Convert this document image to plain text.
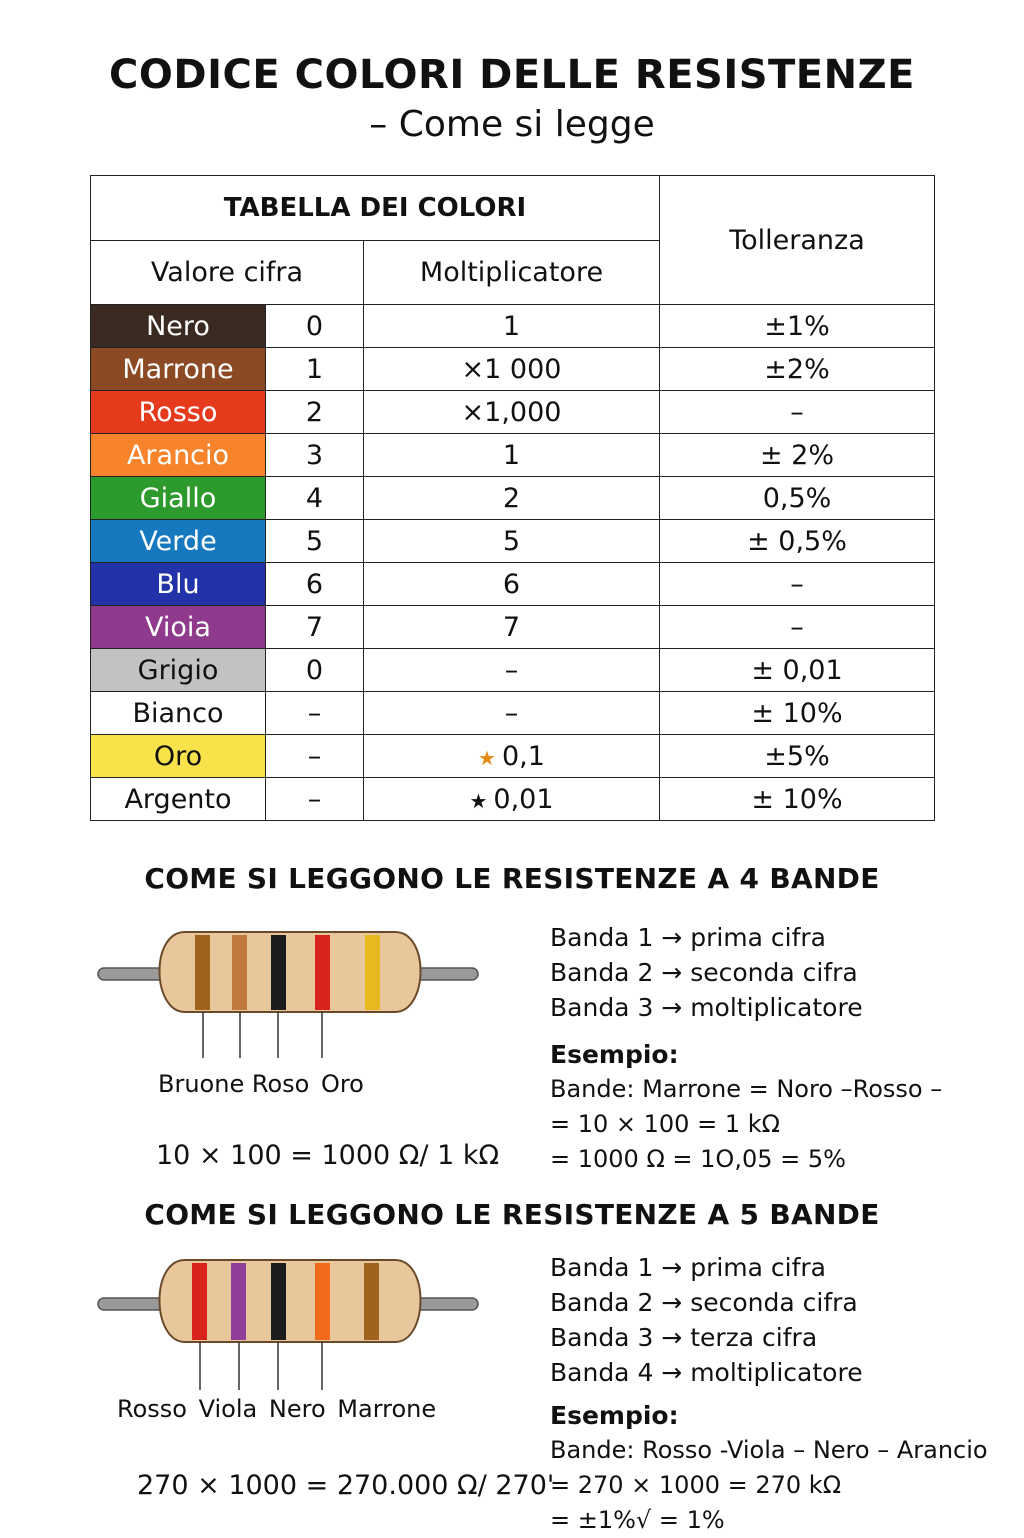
CODICE COLORI DELLE RESISTENZE
– Come si legge
TABELLA DEI COLORI			Tolleranza
Valore cifra		Moltiplicatore	
Nero	0	1	±1%
Marrone	1	×1 000	±2%
Rosso	2	×1,000	–
Arancio	3	1	± 2%
Giallo	4	2	0,5%
Verde	5	5	± 0,5%
Blu	6	6	–
Vioia	7	7	–
Grigio	0	–	± 0,01
Bianco	–	–	± 10%
Oro	–	★ 0,1	±5%
Argento	–	★ 0,01	± 10%
COME SI LEGGONO LE RESISTENZE A 4 BANDE
Bruone Roso Oro
10 × 100 = 1000 Ω/ 1 kΩ
Banda 1 → prima cifra
Banda 2 → seconda cifra
Banda 3 → moltiplicatore
Esempio:
Bande: Marrone = Noro –Rosso –
= 10 × 100 = 1 kΩ
= 1000 Ω = 1O,05 = 5%
COME SI LEGGONO LE RESISTENZE A 5 BANDE
Rosso Viola Nero Marrone
270 × 1000 = 270.000 Ω/ 270'
Banda 1 → prima cifra
Banda 2 → seconda cifra
Banda 3 → terza cifra
Banda 4 → moltiplicatore
Esempio:
Bande: Rosso -Viola – Nero – Arancio
= 270 × 1000 = 270 kΩ
= ±1%√ = 1%
